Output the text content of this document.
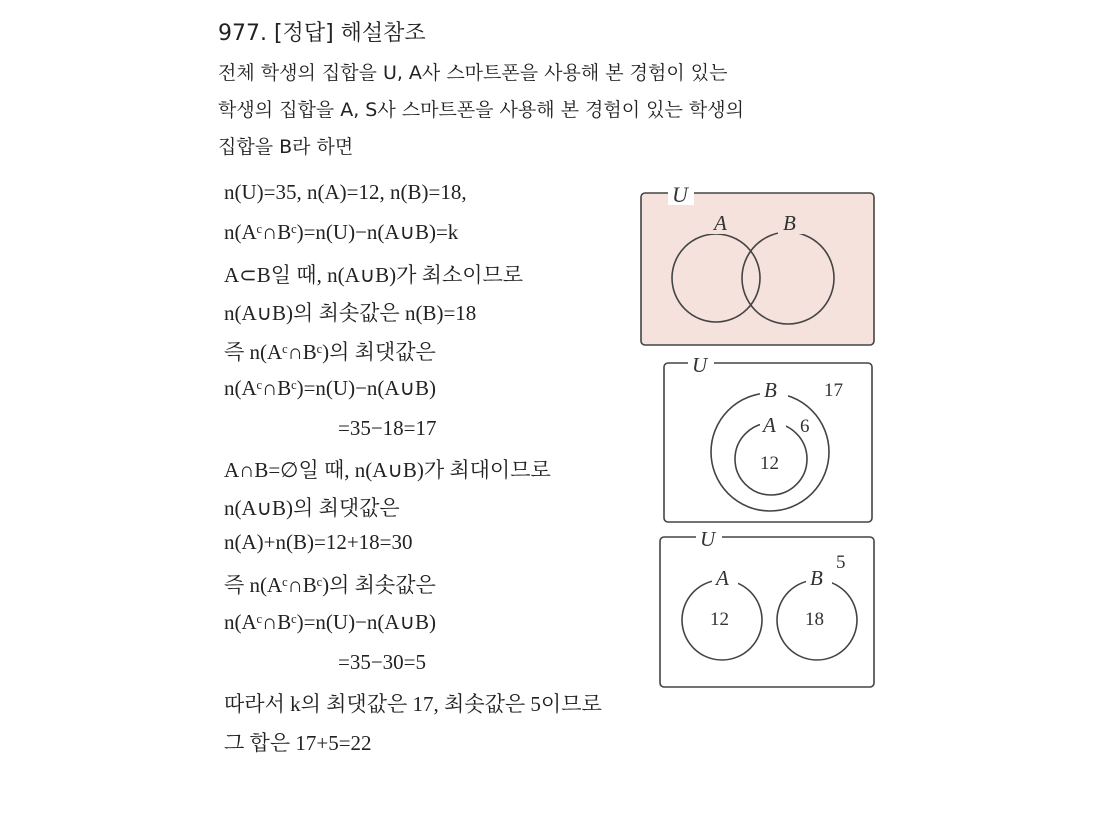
977. [정답] 해설참조
전체 학생의 집합을 U, A사 스마트폰을 사용해 본 경험이 있는
학생의 집합을 A, S사 스마트폰을 사용해 본 경험이 있는 학생의
집합을 B라 하면
n(U)=35, n(A)=12, n(B)=18,
n(Aᶜ∩Bᶜ)=n(U)−n(A∪B)=k
A⊂B일 때, n(A∪B)가 최소이므로
n(A∪B)의 최솟값은 n(B)=18
즉 n(Aᶜ∩Bᶜ)의 최댓값은
n(Aᶜ∩Bᶜ)=n(U)−n(A∪B)
=35−18=17
A∩B=∅일 때, n(A∪B)가 최대이므로
n(A∪B)의 최댓값은
n(A)+n(B)=12+18=30
즉 n(Aᶜ∩Bᶜ)의 최솟값은
n(Aᶜ∩Bᶜ)=n(U)−n(A∪B)
=35−30=5
따라서 k의 최댓값은 17, 최솟값은 5이므로
그 합은 17+5=22
U
A	B
U
B 17
A 6
12
U
A	B
5
12	18
